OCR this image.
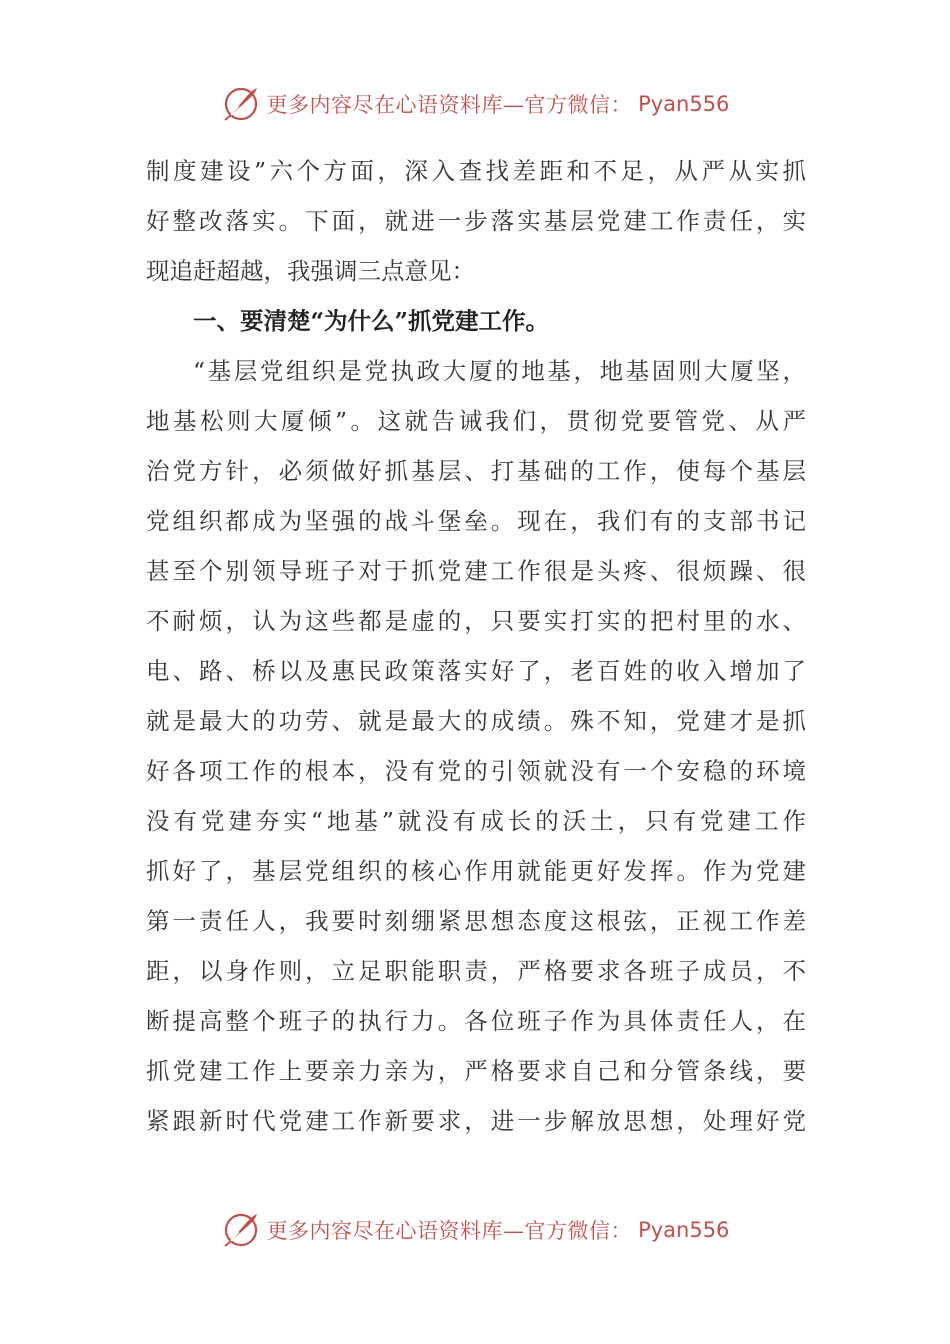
更多内容尽在心语资料库—官方微信： Pyan556
制度建设”六个方面，深入查找差距和不足，从严从实抓
好整改落实。下面，就进一步落实基层党建工作责任，实
现追赶超越，我强调三点意见：
一、要清楚“为什么”抓党建工作。
“基层党组织是党执政大厦的地基，地基固则大厦坚，
地基松则大厦倾”。这就告诫我们，贯彻党要管党、从严
治党方针，必须做好抓基层、打基础的工作，使每个基层
党组织都成为坚强的战斗堡垒。现在，我们有的支部书记
甚至个别领导班子对于抓党建工作很是头疼、很烦躁、很
不耐烦，认为这些都是虚的，只要实打实的把村里的水、
电、路、桥以及惠民政策落实好了，老百姓的收入增加了
就是最大的功劳、就是最大的成绩。殊不知，党建才是抓
好各项工作的根本，没有党的引领就没有一个安稳的环境
没有党建夯实“地基”就没有成长的沃土，只有党建工作
抓好了，基层党组织的核心作用就能更好发挥。作为党建
第一责任人，我要时刻绷紧思想态度这根弦，正视工作差
距，以身作则，立足职能职责，严格要求各班子成员，不
断提高整个班子的执行力。各位班子作为具体责任人，在
抓党建工作上要亲力亲为，严格要求自己和分管条线，要
紧跟新时代党建工作新要求，进一步解放思想，处理好党
更多内容尽在心语资料库—官方微信： Pyan556
